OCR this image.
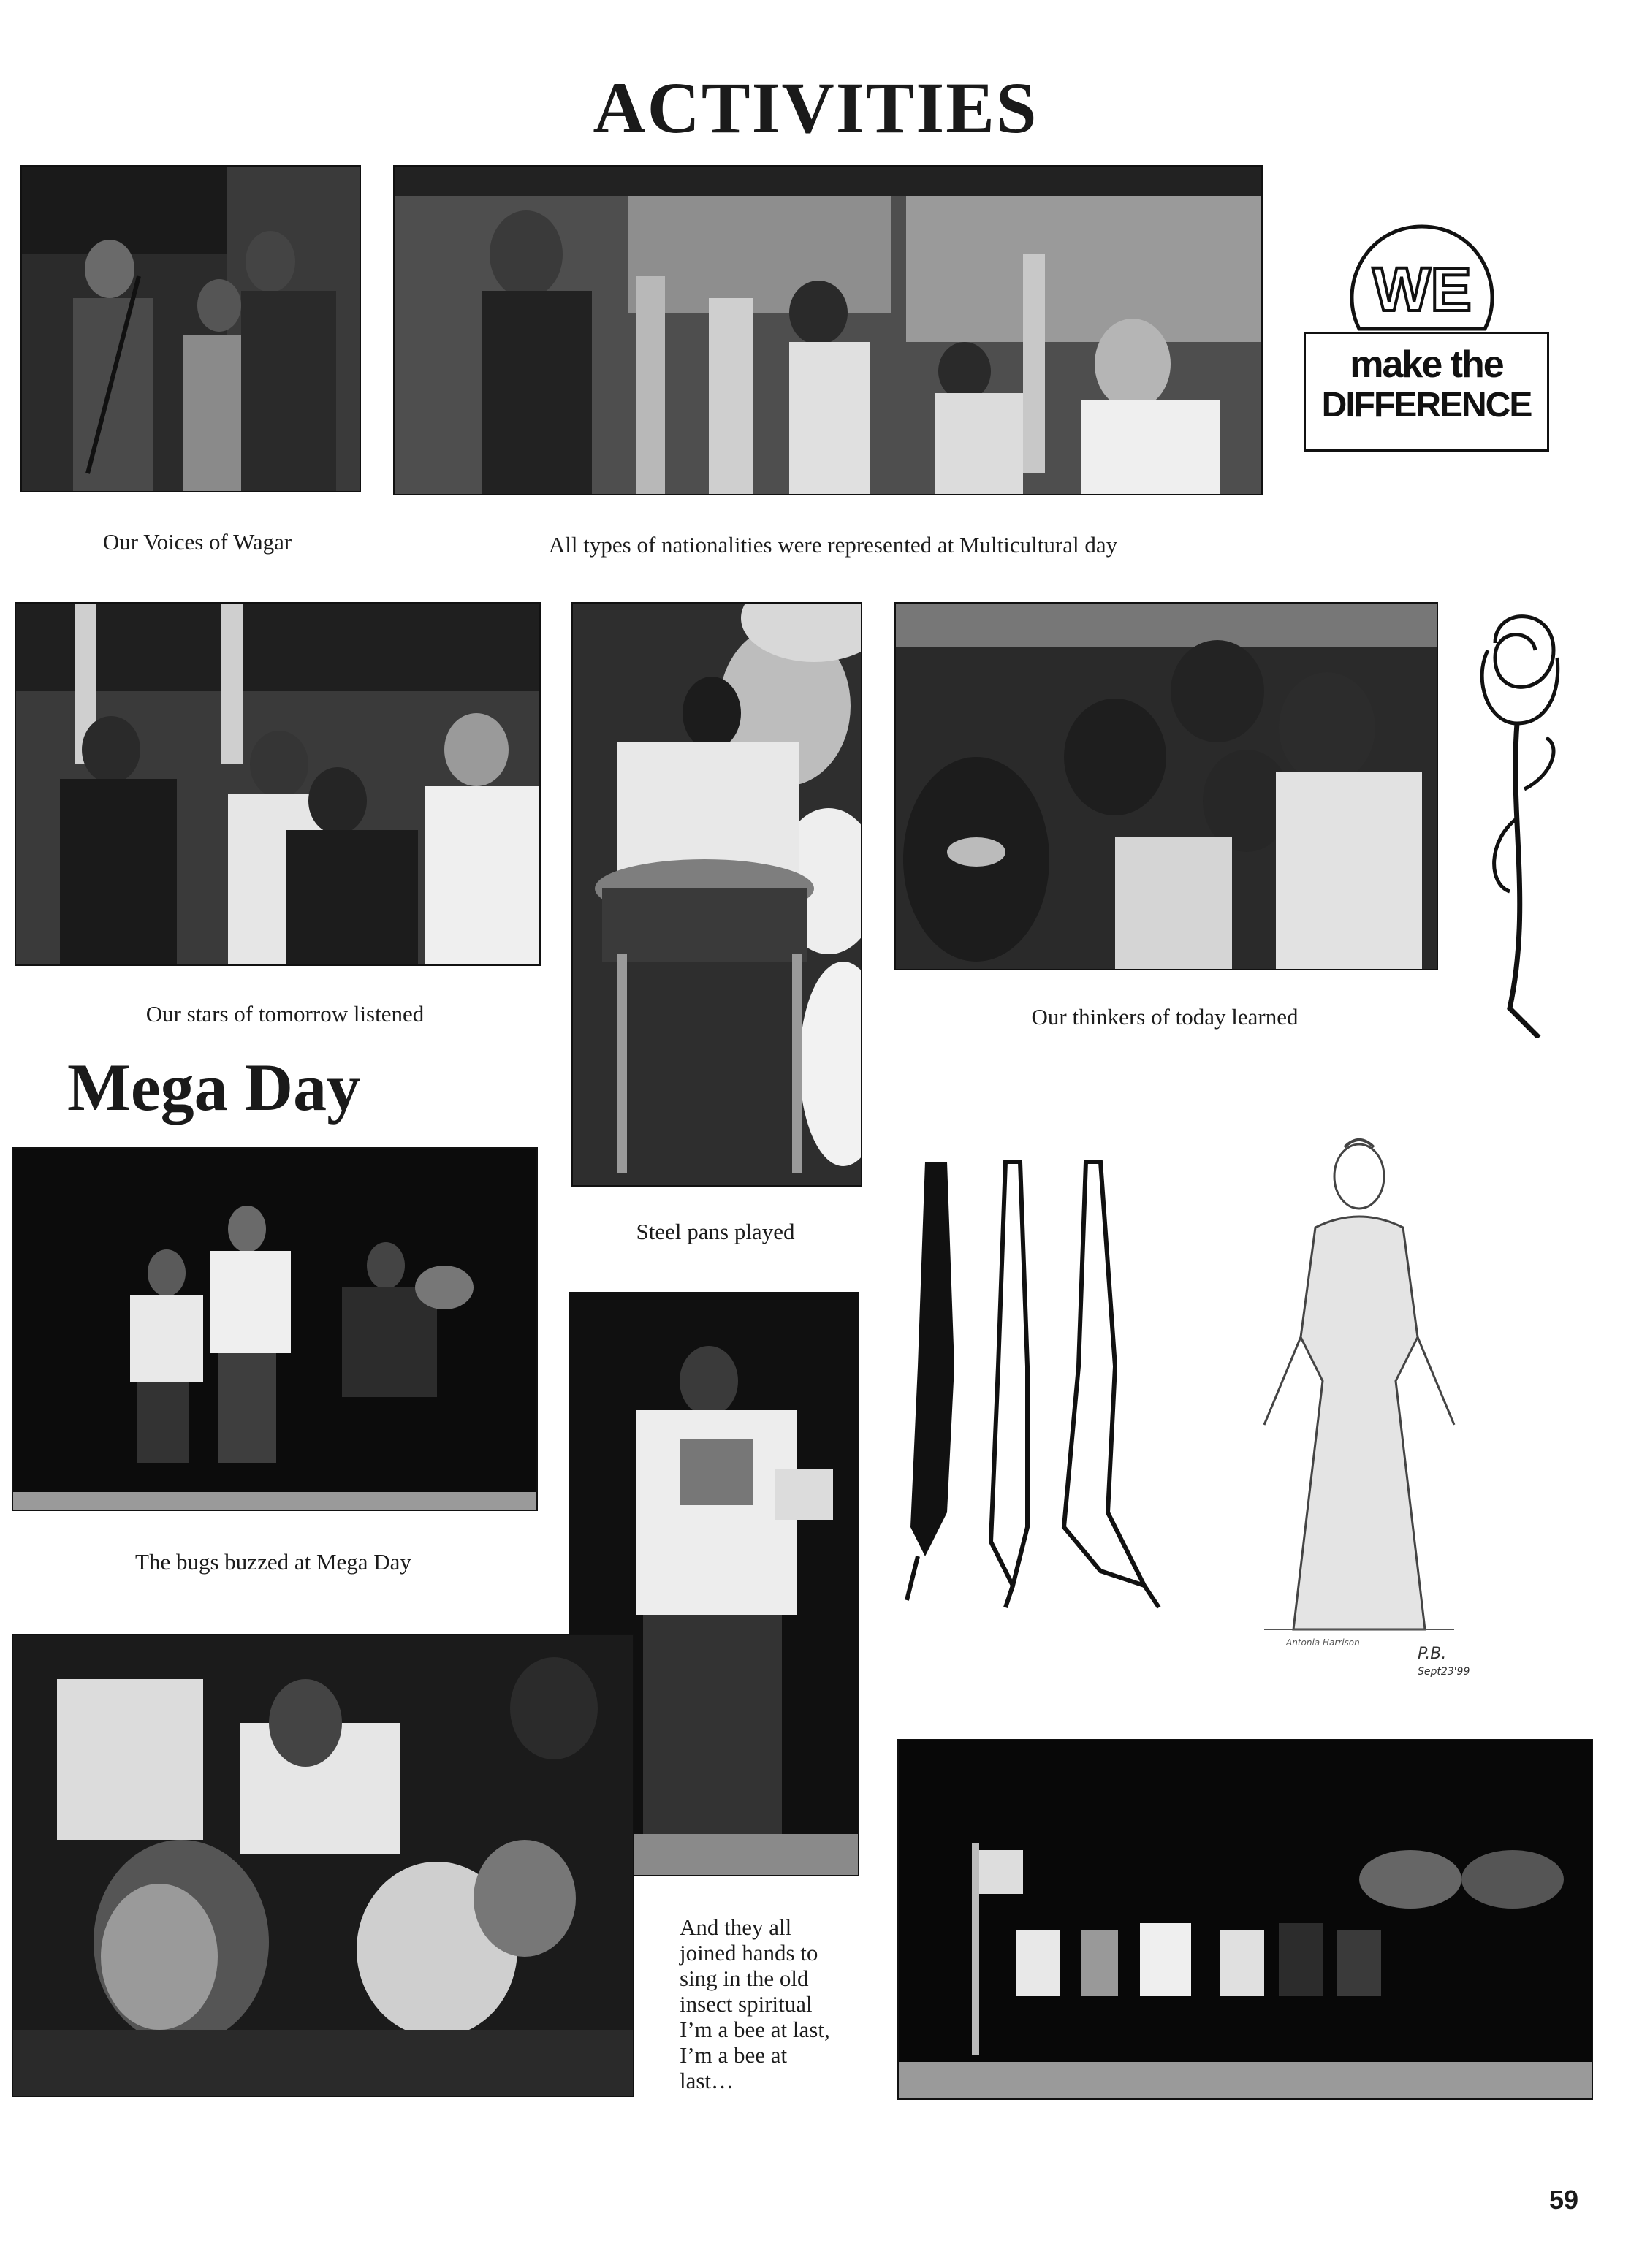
ACTIVITIES
WE
make the
DIFFERENCE
Our Voices of Wagar	All types of nationalities were represented at Multicultural day
Our stars of tomorrow listened	Our thinkers of today learned
Mega Day
Steel pans played
P.B.
Sept23'99
Antonia Harrison
The bugs buzzed at Mega Day
And they all
joined hands to
sing in the old
insect spiritual
I’m a bee at last,
I’m a bee at
last…
59
